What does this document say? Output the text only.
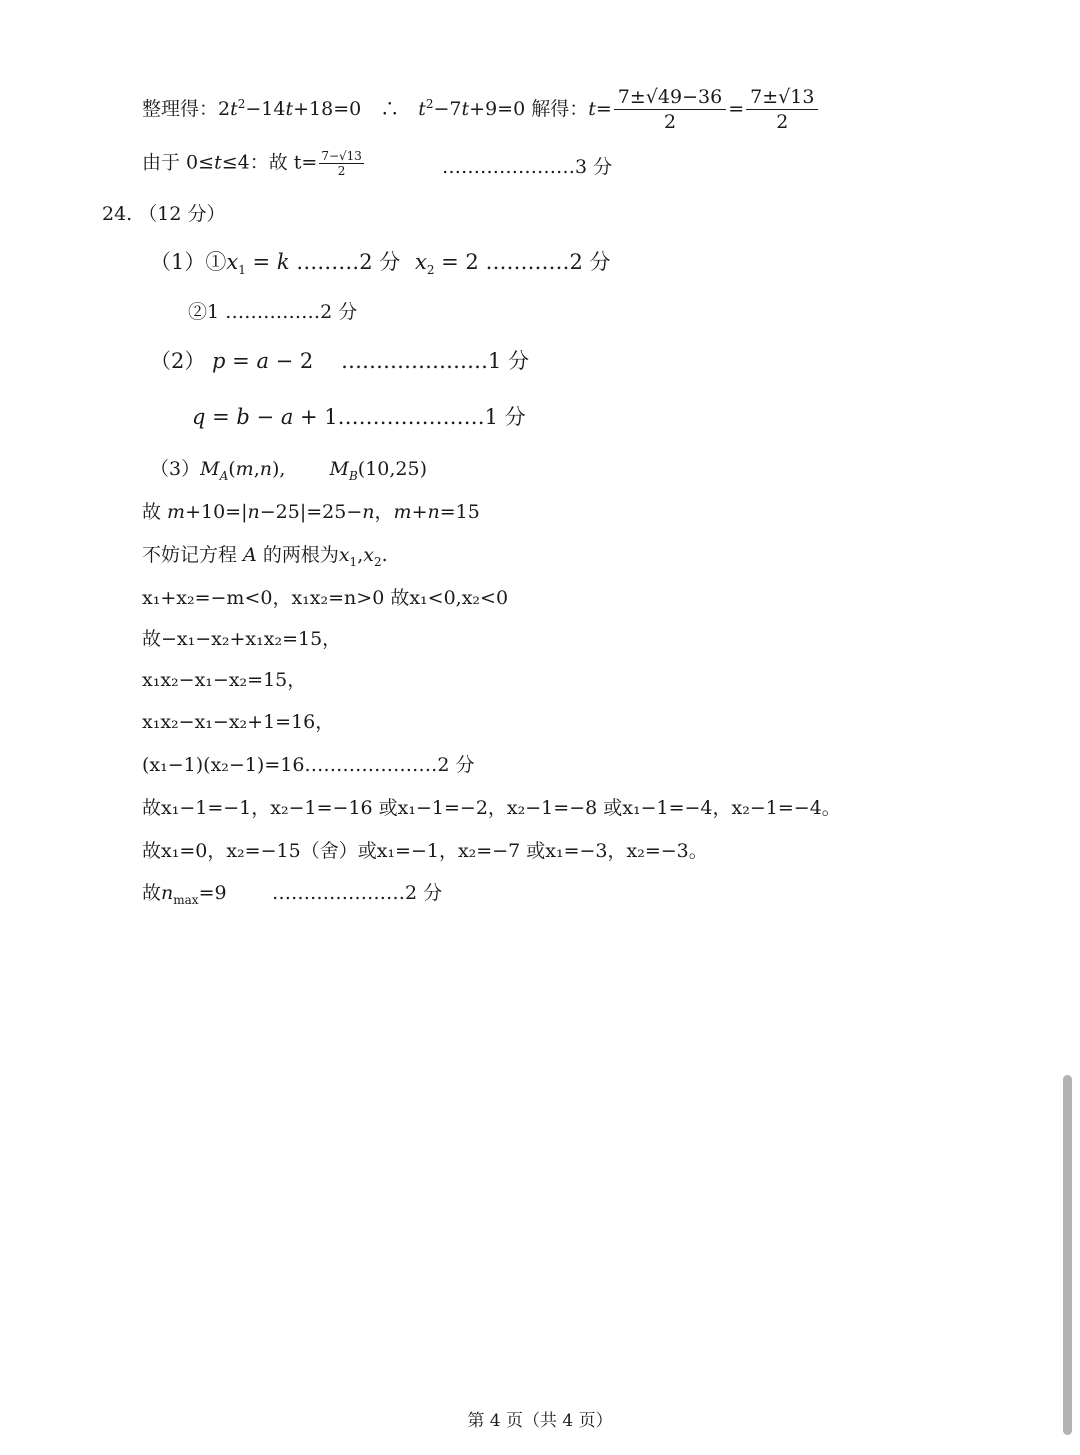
整理得：$2t^2-14t+18=0$　∴　$t^2-7t+9=0$ 解得：$t= \frac{7\pm√49-36}{2} = \frac{7\pm√13}{2}$
由于 0≤t≤4：故 $t= \frac{7-√13}{2}$	…………………3 分
24. （12 分）
$(1)①x_1 = k$ ………2 分 $x_2 = 2$ …………2 分
②1 ……………2 分
（2） p = a − 2　 …………………1 分
q = b − a + 1…………………1 分
$(3)M_A(m,n)$,　　 $M_B(10,25)$
故 m+10=|n−25|=25−n，m+n=15
不妨记方程 A 的两根为$x_1,x_2$.
x₁+x₂=−m<0，x₁x₂=n>0 故x₁<0,x₂<0
故−x₁−x₂+x₁x₂=15，
x₁x₂−x₁−x₂=15，
x₁x₂−x₁−x₂+1=16，
(x₁−1)(x₂−1)=16…………………2 分
故x₁−1=−1，x₂−1=−16 或x₁−1=−2，x₂−1=−8 或x₁−1=−4，x₂−1=−4。
故x₁=0，x₂=−15（舍）或x₁=−1，x₂=−7 或x₁=−3，x₂=−3。
故$n_{max}=9$ …………………2 分
第 4 页（共 4 页）
